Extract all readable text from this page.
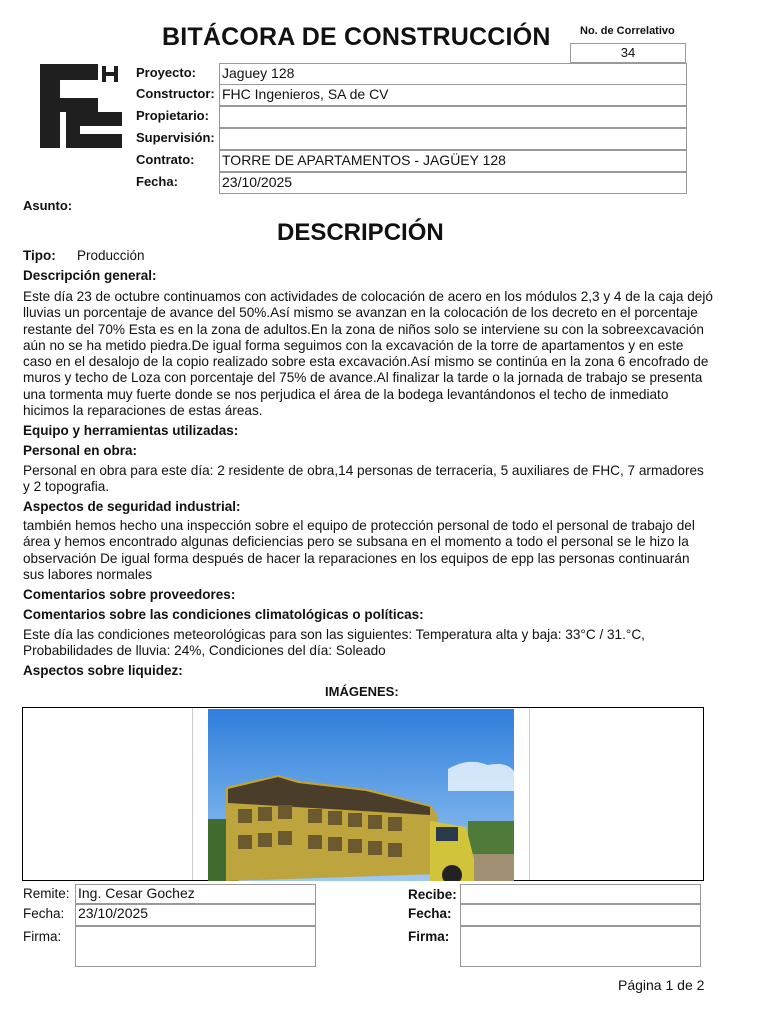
BITÁCORA DE CONSTRUCCIÓN	No. de Correlativo
34
Proyecto: Jaguey 128
Constructor: FHC Ingenieros, SA de CV
Propietario:
Supervisión:
Contrato: TORRE DE APARTAMENTOS - JAGÜEY 128
Fecha:	23/10/2025
Asunto:
DESCRIPCIÓN
Tipo: Producción
Descripción general:
Este día 23 de octubre continuamos con actividades de colocación de acero en los módulos 2,3 y 4 de la caja dejó lluvias un porcentaje de avance del 50%.Así mismo se avanzan en la colocación de los decreto en el porcentaje restante del 70% Esta es en la zona de adultos.En la zona de niños solo se interviene su con la sobreexcavación aún no se ha metido piedra.De igual forma seguimos con la excavación de la torre de apartamentos y en este caso en el desalojo de la copio realizado sobre esta excavación.Así mismo se continúa en la zona 6 encofrado de muros y techo de Loza con porcentaje del 75% de avance.Al finalizar la tarde o la jornada de trabajo se presenta una tormenta muy fuerte donde se nos perjudica el área de la bodega levantándonos el techo de inmediato hicimos la reparaciones de estas áreas.
Equipo y herramientas utilizadas:
Personal en obra:
Personal en obra para este día: 2 residente de obra,14 personas de terraceria, 5 auxiliares de FHC, 7 armadores y 2 topografia.
Aspectos de seguridad industrial:
también hemos hecho una inspección sobre el equipo de protección personal de todo el personal de trabajo del área y hemos encontrado algunas deficiencias pero se subsana en el momento a todo el personal se le hizo la observación De igual forma después de hacer la reparaciones en los equipos de epp las personas continuarán sus labores normales
Comentarios sobre proveedores:
Comentarios sobre las condiciones climatológicas o políticas:
Este día las condiciones meteorológicas para son las siguientes: Temperatura alta y baja: 33°C / 31.°C, Probabilidades de lluvia: 24%, Condiciones del día: Soleado
Aspectos sobre liquidez:
IMÁGENES:
Remite: Ing. Cesar Gochez
Fecha: 23/10/2025
Firma:
Recibe:
Fecha:
Firma:
Página 1 de 2
